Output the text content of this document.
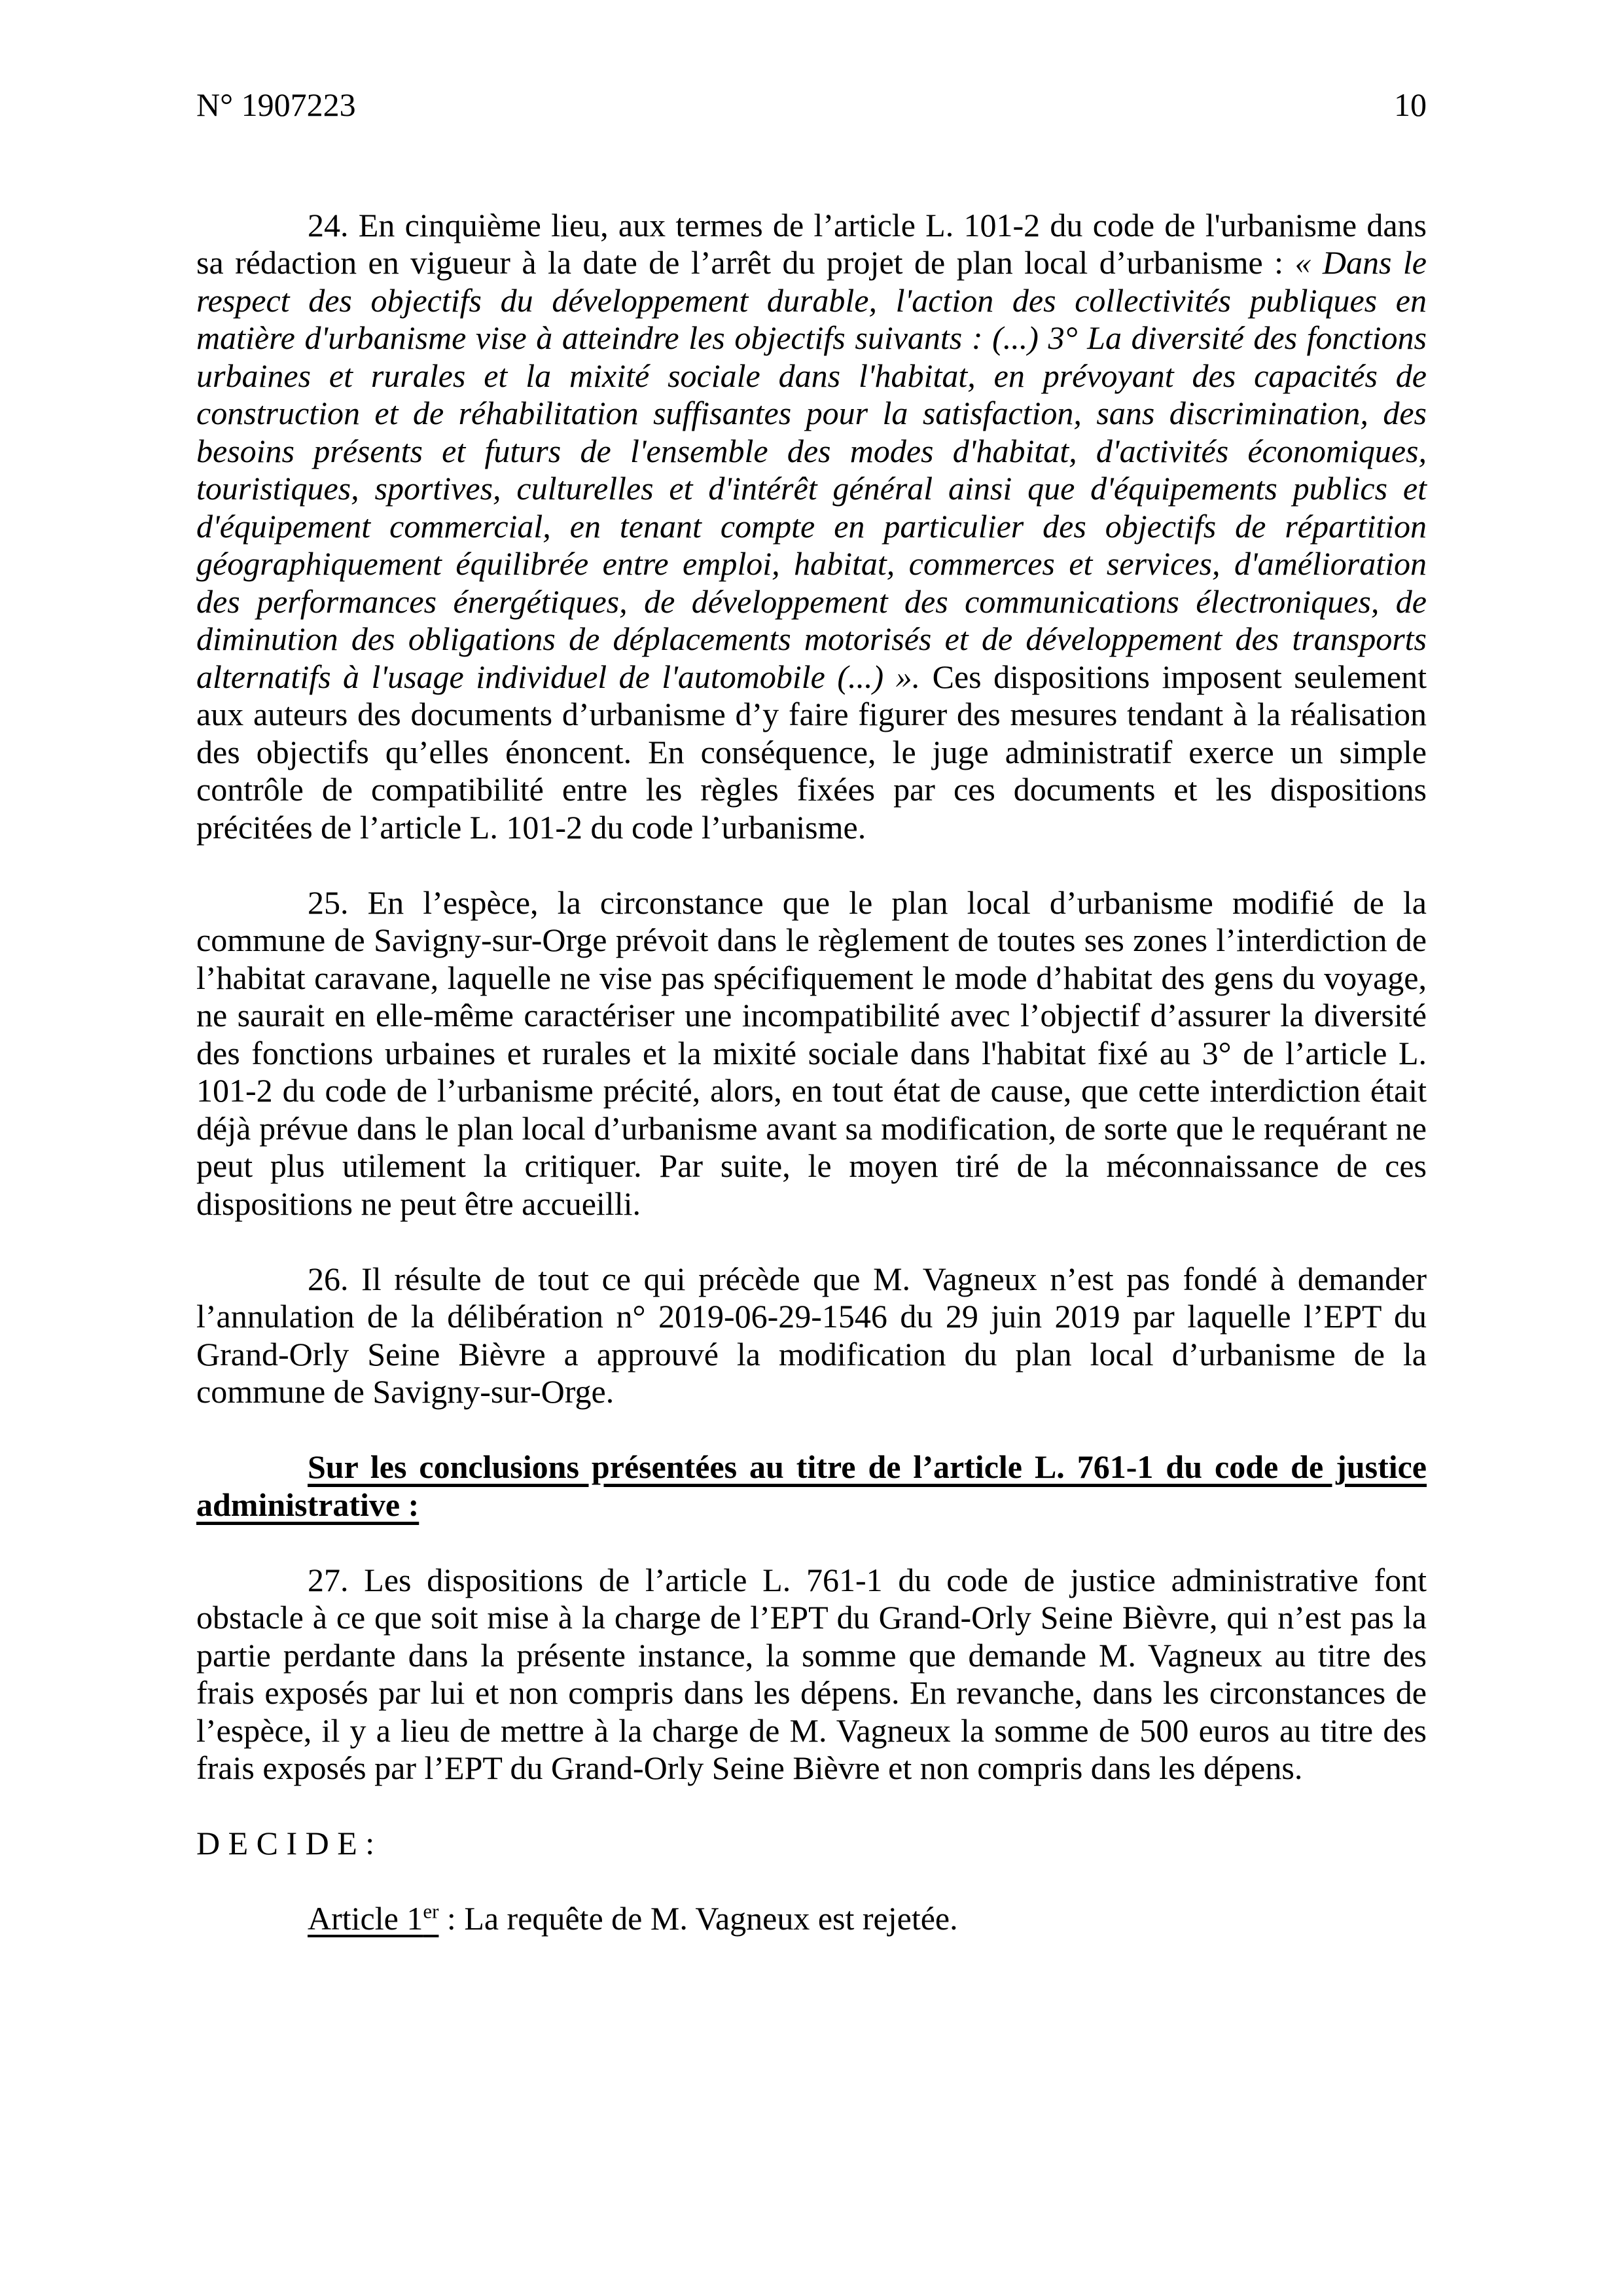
N° 1907223	10

24. En cinquième lieu, aux termes de l’article L. 101-2 du code de l'urbanisme dans sa rédaction en vigueur à la date de l’arrêt du projet de plan local d’urbanisme : « Dans le respect des objectifs du développement durable, l'action des collectivités publiques en matière d'urbanisme vise à atteindre les objectifs suivants : (...) 3° La diversité des fonctions urbaines et rurales et la mixité sociale dans l'habitat, en prévoyant des capacités de construction et de réhabilitation suffisantes pour la satisfaction, sans discrimination, des besoins présents et futurs de l'ensemble des modes d'habitat, d'activités économiques, touristiques, sportives, culturelles et d'intérêt général ainsi que d'équipements publics et d'équipement commercial, en tenant compte en particulier des objectifs de répartition géographiquement équilibrée entre emploi, habitat, commerces et services, d'amélioration des performances énergétiques, de développement des communications électroniques, de diminution des obligations de déplacements motorisés et de développement des transports alternatifs à l'usage individuel de l'automobile (...) ». Ces dispositions imposent seulement aux auteurs des documents d’urbanisme d’y faire figurer des mesures tendant à la réalisation des objectifs qu’elles énoncent. En conséquence, le juge administratif exerce un simple contrôle de compatibilité entre les règles fixées par ces documents et les dispositions précitées de l’article L. 101-2 du code l’urbanisme.

25. En l’espèce, la circonstance que le plan local d’urbanisme modifié de la commune de Savigny-sur-Orge prévoit dans le règlement de toutes ses zones l’interdiction de l’habitat caravane, laquelle ne vise pas spécifiquement le mode d’habitat des gens du voyage, ne saurait en elle-même caractériser une incompatibilité avec l’objectif d’assurer la diversité des fonctions urbaines et rurales et la mixité sociale dans l'habitat fixé au 3° de l’article L. 101-2 du code de l’urbanisme précité, alors, en tout état de cause, que cette interdiction était déjà prévue dans le plan local d’urbanisme avant sa modification, de sorte que le requérant ne peut plus utilement la critiquer. Par suite, le moyen tiré de la méconnaissance de ces dispositions ne peut être accueilli.

26. Il résulte de tout ce qui précède que M. Vagneux n’est pas fondé à demander l’annulation de la délibération n° 2019-06-29-1546 du 29 juin 2019 par laquelle l’EPT du Grand-Orly Seine Bièvre a approuvé la modification du plan local d’urbanisme de la commune de Savigny-sur-Orge.

Sur les conclusions présentées au titre de l’article L. 761-1 du code de justice administrative :

27. Les dispositions de l’article L. 761-1 du code de justice administrative font obstacle à ce que soit mise à la charge de l’EPT du Grand-Orly Seine Bièvre, qui n’est pas la partie perdante dans la présente instance, la somme que demande M. Vagneux au titre des frais exposés par lui et non compris dans les dépens. En revanche, dans les circonstances de l’espèce, il y a lieu de mettre à la charge de M. Vagneux la somme de 500 euros au titre des frais exposés par l’EPT du Grand-Orly Seine Bièvre et non compris dans les dépens.

D E C I D E :

Article 1er : La requête de M. Vagneux est rejetée.
